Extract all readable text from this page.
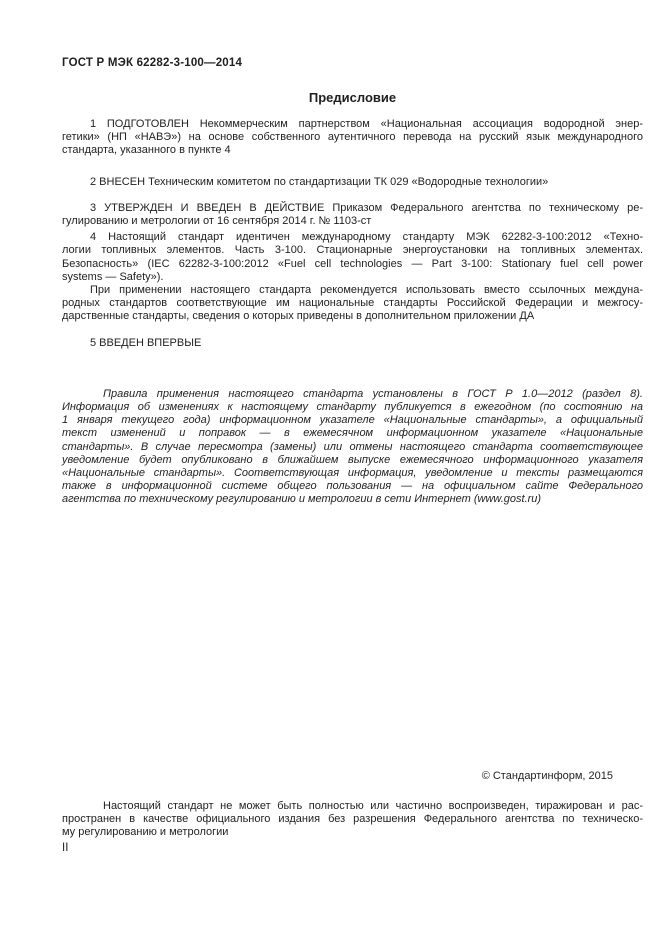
ГОСТ Р МЭК 62282-3-100—2014
Предисловие
1 ПОДГОТОВЛЕН Некоммерческим партнерством «Национальная ассоциация водородной энер-
гетики» (НП «НАВЭ») на основе собственного аутентичного перевода на русский язык международного
стандарта, указанного в пункте 4
2 ВНЕСЕН Техническим комитетом по стандартизации ТК 029 «Водородные технологии»
3 УТВЕРЖДЕН И ВВЕДЕН В ДЕЙСТВИЕ Приказом Федерального агентства по техническому ре-
гулированию и метрологии от 16 сентября 2014 г. № 1103-ст
4 Настоящий стандарт идентичен международному стандарту МЭК 62282-3-100:2012 «Техно-
логии топливных элементов. Часть 3-100. Стационарные энергоустановки на топливных элементах.
Безопасность» (IEC 62282-3-100:2012 «Fuel cell technologies — Part 3-100: Stationary fuel cell power
systems — Safety»).
При применении настоящего стандарта рекомендуется использовать вместо ссылочных междуна-
родных стандартов соответствующие им национальные стандарты Российской Федерации и межгосу-
дарственные стандарты, сведения о которых приведены в дополнительном приложении ДА
5 ВВЕДЕН ВПЕРВЫЕ
Правила применения настоящего стандарта установлены в ГОСТ Р 1.0—2012 (раздел 8).
Информация об изменениях к настоящему стандарту публикуется в ежегодном (по состоянию на
1 января текущего года) информационном указателе «Национальные стандарты», а официальный
текст изменений и поправок — в ежемесячном информационном указателе «Национальные
стандарты». В случае пересмотра (замены) или отмены настоящего стандарта соответствующее
уведомление будет опубликовано в ближайшем выпуске ежемесячного информационного указателя
«Национальные стандарты». Соответствующая информация, уведомление и тексты размещаются
также в информационной системе общего пользования — на официальном сайте Федерального
агентства по техническому регулированию и метрологии в сети Интернет (www.gost.ru)
© Стандартинформ, 2015
Настоящий стандарт не может быть полностью или частично воспроизведен, тиражирован и рас-
пространен в качестве официального издания без разрешения Федерального агентства по техническо-
му регулированию и метрологии
II
